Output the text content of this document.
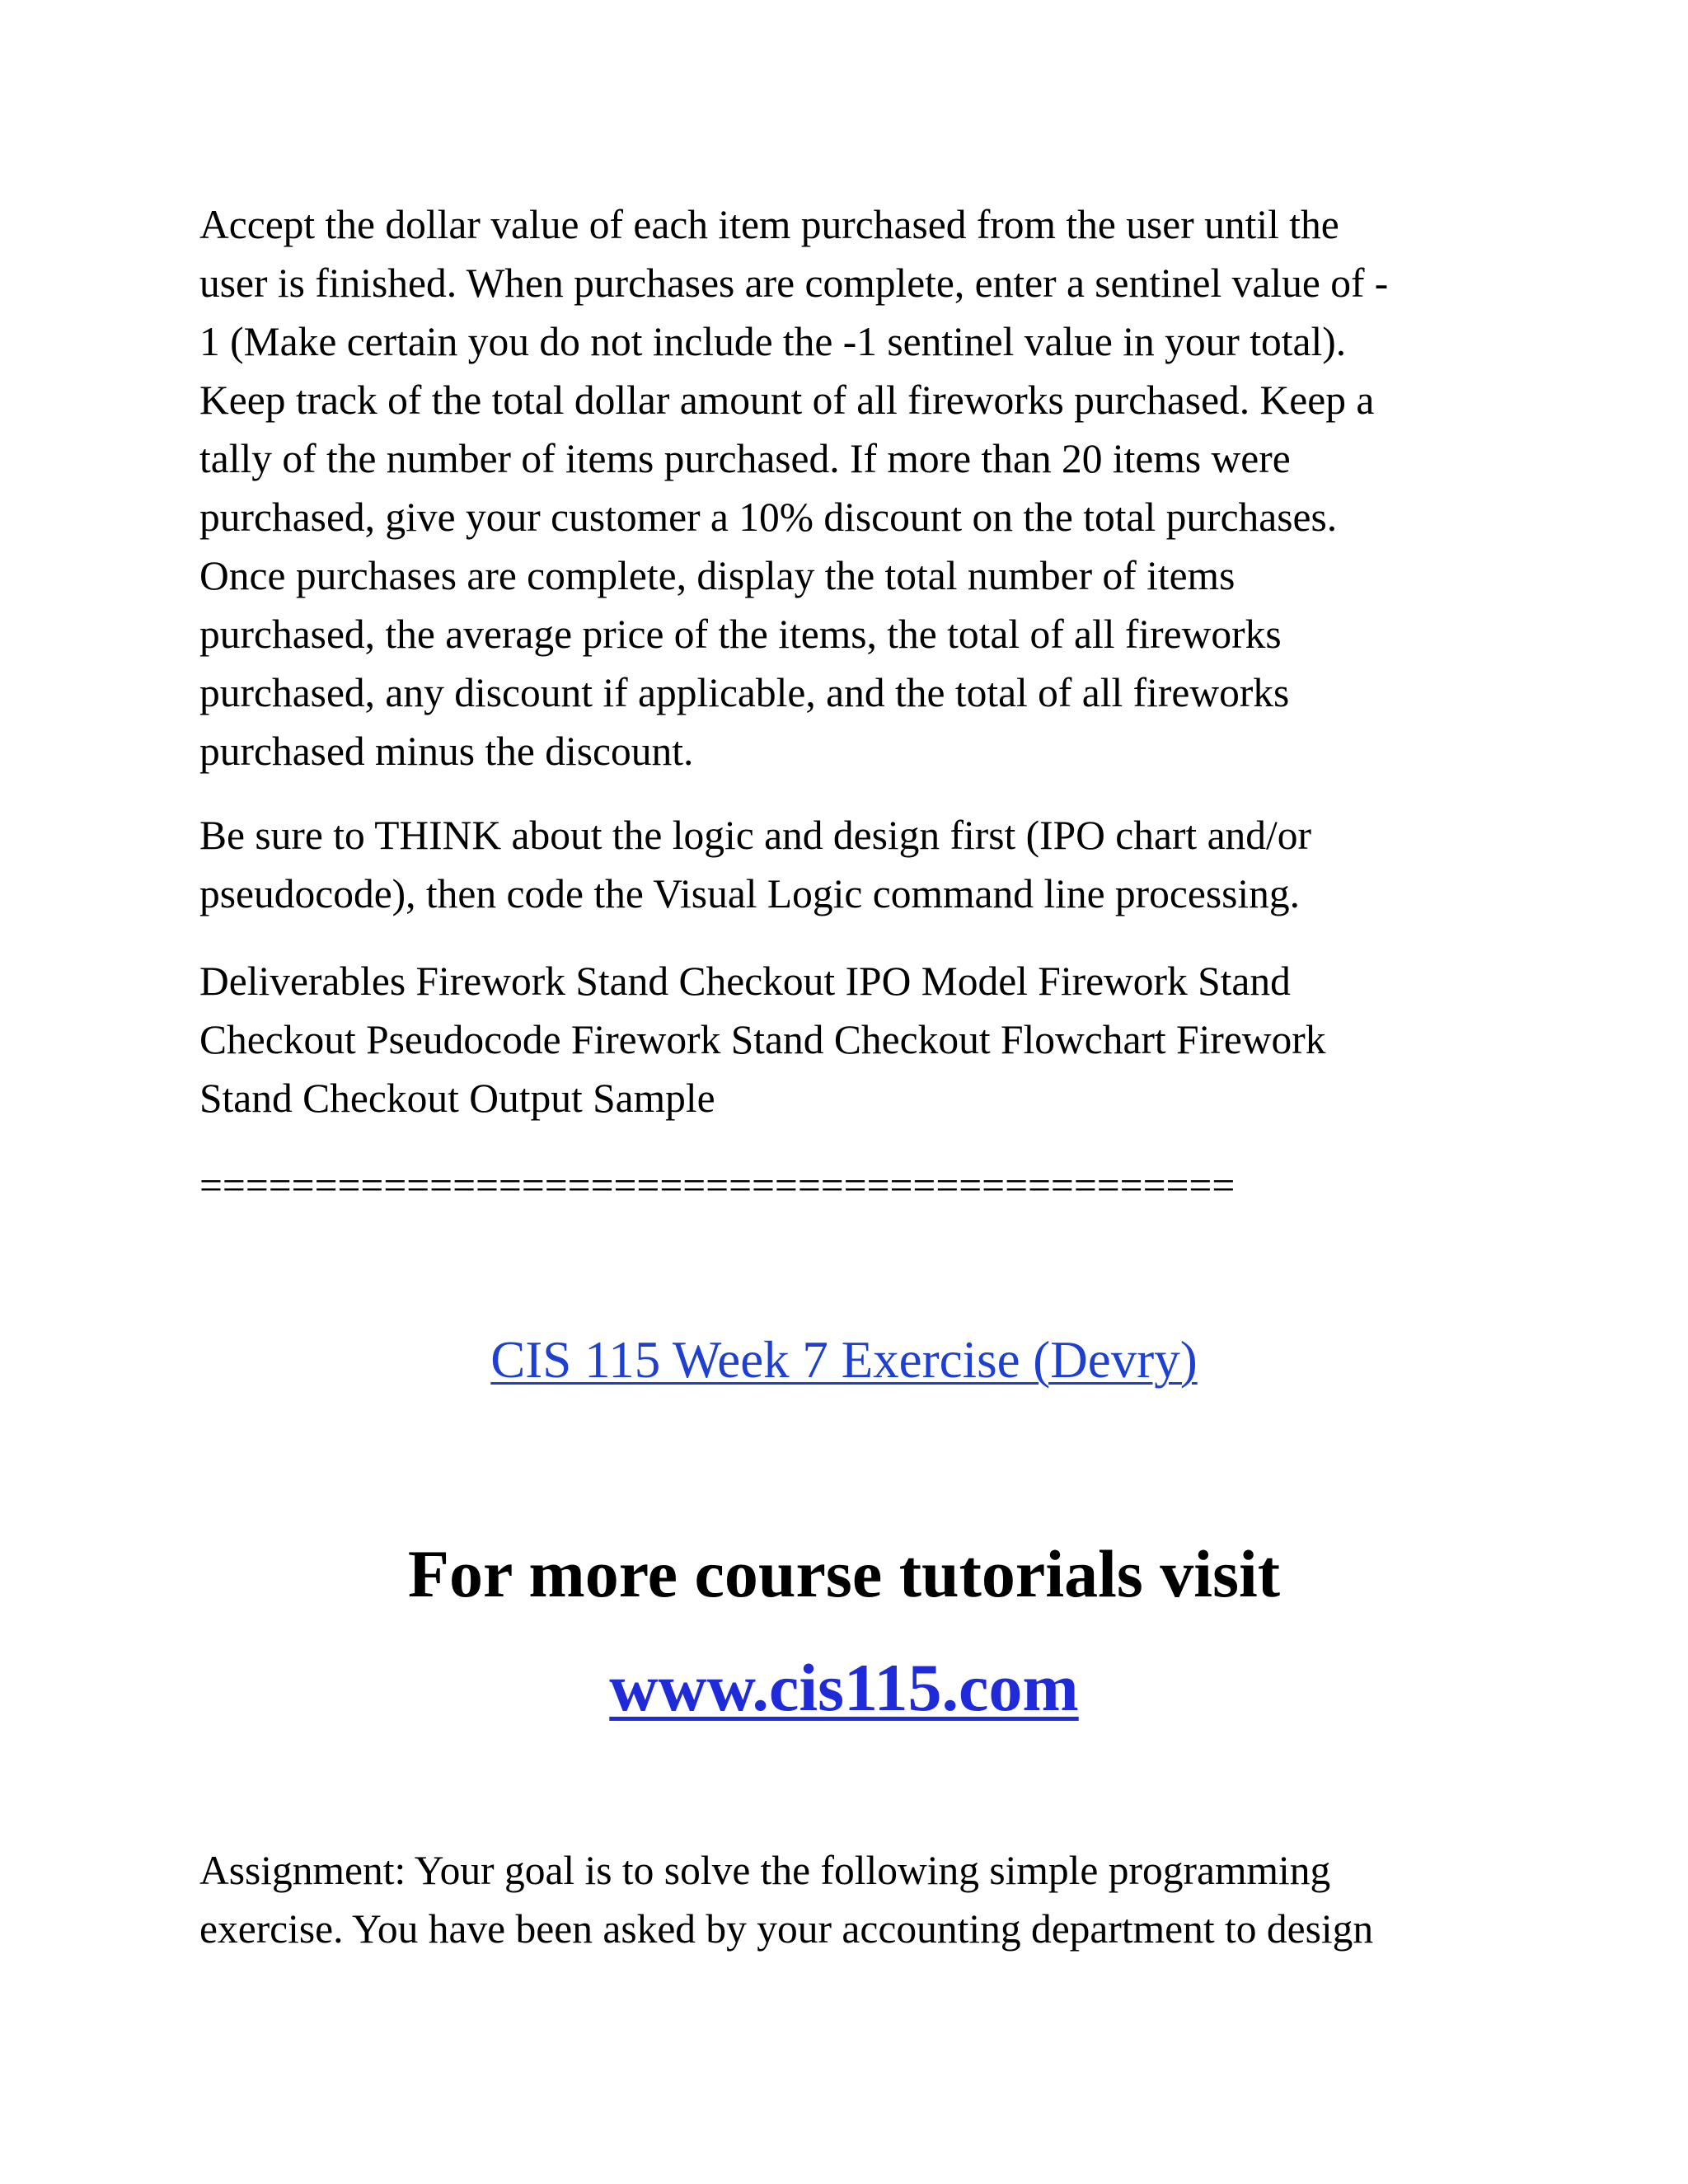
Accept the dollar value of each item purchased from the user until the
user is finished. When purchases are complete, enter a sentinel value of -
1 (Make certain you do not include the -1 sentinel value in your total).
Keep track of the total dollar amount of all fireworks purchased. Keep a
tally of the number of items purchased. If more than 20 items were
purchased, give your customer a 10% discount on the total purchases.
Once purchases are complete, display the total number of items
purchased, the average price of the items, the total of all fireworks
purchased, any discount if applicable, and the total of all fireworks
purchased minus the discount.

Be sure to THINK about the logic and design first (IPO chart and/or
pseudocode), then code the Visual Logic command line processing.

Deliverables Firework Stand Checkout IPO Model Firework Stand
Checkout Pseudocode Firework Stand Checkout Flowchart Firework
Stand Checkout Output Sample

=============================================
CIS 115 Week 7 Exercise (Devry)
For more course tutorials visit
www.cis115.com

Assignment: Your goal is to solve the following simple programming
exercise. You have been asked by your accounting department to design
